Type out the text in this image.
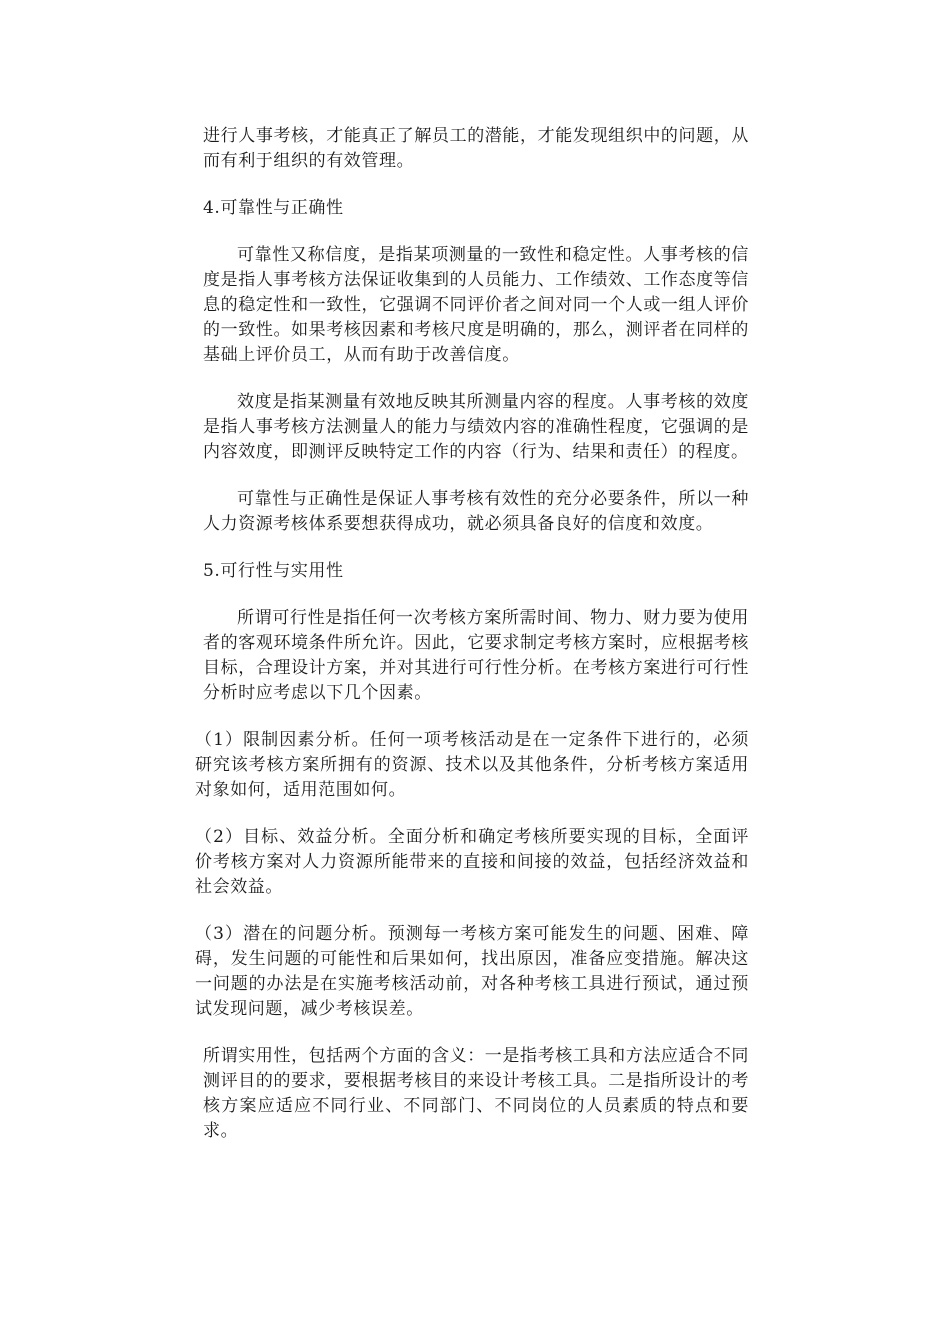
进行人事考核，才能真正了解员工的潜能，才能发现组织中的问题，从而有利于组织的有效管理。

4.可靠性与正确性

可靠性又称信度，是指某项测量的一致性和稳定性。人事考核的信度是指人事考核方法保证收集到的人员能力、工作绩效、工作态度等信息的稳定性和一致性，它强调不同评价者之间对同一个人或一组人评价的一致性。如果考核因素和考核尺度是明确的，那么，测评者在同样的基础上评价员工，从而有助于改善信度。

效度是指某测量有效地反映其所测量内容的程度。人事考核的效度是指人事考核方法测量人的能力与绩效内容的准确性程度，它强调的是内容效度，即测评反映特定工作的内容（行为、结果和责任）的程度。

可靠性与正确性是保证人事考核有效性的充分必要条件，所以一种人力资源考核体系要想获得成功，就必须具备良好的信度和效度。

5.可行性与实用性

所谓可行性是指任何一次考核方案所需时间、物力、财力要为使用者的客观环境条件所允许。因此，它要求制定考核方案时，应根据考核目标，合理设计方案，并对其进行可行性分析。在考核方案进行可行性分析时应考虑以下几个因素。

（1）限制因素分析。任何一项考核活动是在一定条件下进行的，必须研究该考核方案所拥有的资源、技术以及其他条件，分析考核方案适用对象如何，适用范围如何。

（2）目标、效益分析。全面分析和确定考核所要实现的目标，全面评价考核方案对人力资源所能带来的直接和间接的效益，包括经济效益和社会效益。

（3）潜在的问题分析。预测每一考核方案可能发生的问题、困难、障碍，发生问题的可能性和后果如何，找出原因，准备应变措施。解决这一问题的办法是在实施考核活动前，对各种考核工具进行预试，通过预试发现问题，减少考核误差。

所谓实用性，包括两个方面的含义：一是指考核工具和方法应适合不同测评目的的要求，要根据考核目的来设计考核工具。二是指所设计的考核方案应适应不同行业、不同部门、不同岗位的人员素质的特点和要求。
